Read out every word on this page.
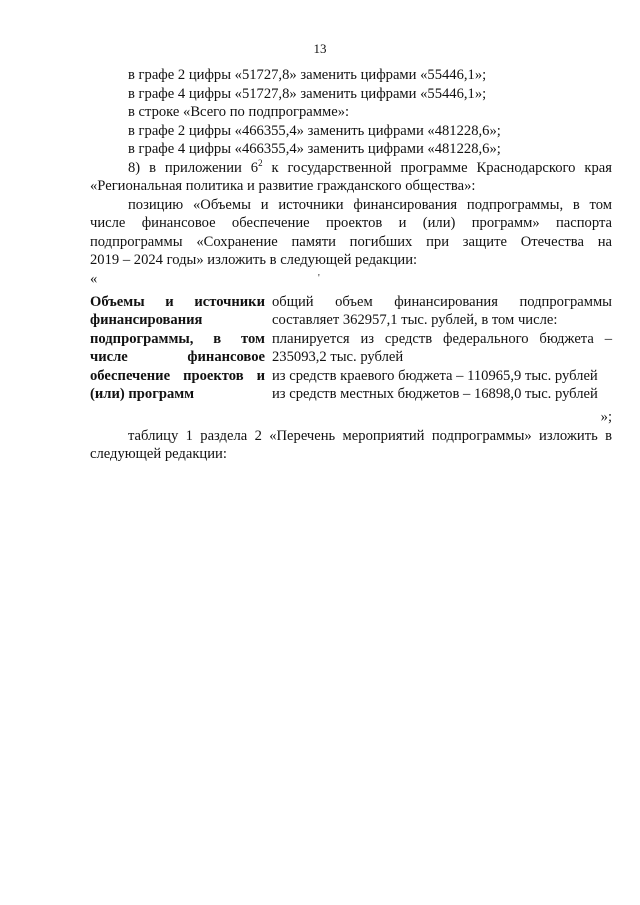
13

в графе 2 цифры «51727,8» заменить цифрами «55446,1»;

в графе 4 цифры «51727,8» заменить цифрами «55446,1»;

в строке «Всего по подпрограмме»:

в графе 2 цифры «466355,4» заменить цифрами «481228,6»;

в графе 4 цифры «466355,4» заменить цифрами «481228,6»;

8) в приложении $6^2$ к государственной программе Краснодарского края

«Региональная политика и развитие гражданского общества»:

позицию «Объемы и источники финансирования подпрограммы, в том

числе финансовое обеспечение проектов и (или) программ» паспорта

подпрограммы «Сохранение памяти погибших при защите Отечества на

2019 – 2024 годы» изложить в следующей редакции:

«	'

Объемы и источники

финансирования

подпрограммы, в том

числе финансовое

обеспечение проектов и

(или) программ

общий объем финансирования подпрограммы

составляет 362957,1 тыс. рублей, в том числе:

планируется из средств федерального бюджета –

235093,2 тыс. рублей

из средств краевого бюджета – 110965,9 тыс. рублей

из средств местных бюджетов – 16898,0 тыс. рублей

»;

таблицу 1 раздела 2 «Перечень мероприятий подпрограммы» изложить в

следующей редакции:
